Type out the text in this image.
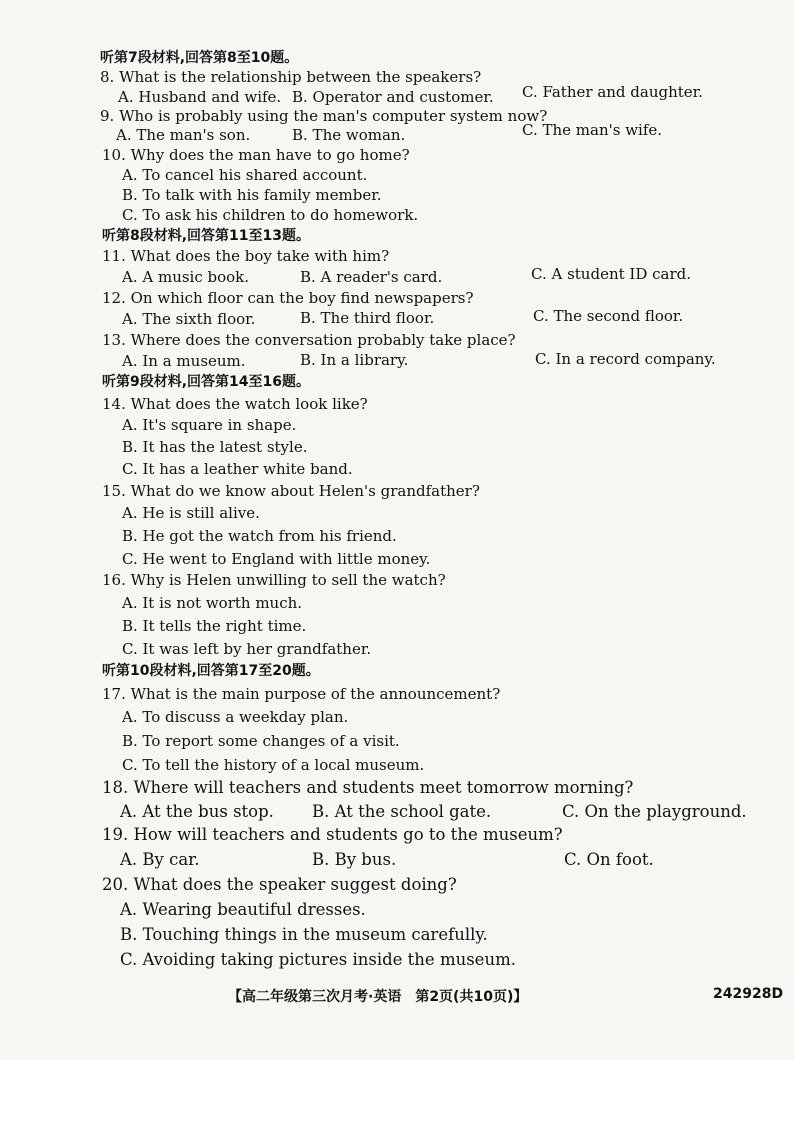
听第7段材料,回答第8至10题。
8. What is the relationship between the speakers?
A. Husband and wife. B. Operator and customer. C. Father and daughter.
9. Who is probably using the man's computer system now?
A. The man's son.	B. The woman.	C. The man's wife.
10. Why does the man have to go home?
A. To cancel his shared account.
B. To talk with his family member.
C. To ask his children to do homework.
听第8段材料,回答第11至13题。
11. What does the boy take with him?
A. A music book.	B. A reader's card.	C. A student ID card.
12. On which floor can the boy find newspapers?
A. The sixth floor.	B. The third floor.	C. The second floor.
13. Where does the conversation probably take place?
A. In a museum.	B. In a library.	C. In a record company.
听第9段材料,回答第14至16题。
14. What does the watch look like?
A. It's square in shape.
B. It has the latest style.
C. It has a leather white band.
15. What do we know about Helen's grandfather?
A. He is still alive.
B. He got the watch from his friend.
C. He went to England with little money.
16. Why is Helen unwilling to sell the watch?
A. It is not worth much.
B. It tells the right time.
C. It was left by her grandfather.
听第10段材料,回答第17至20题。
17. What is the main purpose of the announcement?
A. To discuss a weekday plan.
B. To report some changes of a visit.
C. To tell the history of a local museum.
18. Where will teachers and students meet tomorrow morning?
A. At the bus stop. B. At the school gate.	C. On the playground.
19. How will teachers and students go to the museum?
A. By car.	B. By bus.	C. On foot.
20. What does the speaker suggest doing?
A. Wearing beautiful dresses.
B. Touching things in the museum carefully.
C. Avoiding taking pictures inside the museum.
【高二年级第三次月考·英语　第2页(共10页)】	242928D
